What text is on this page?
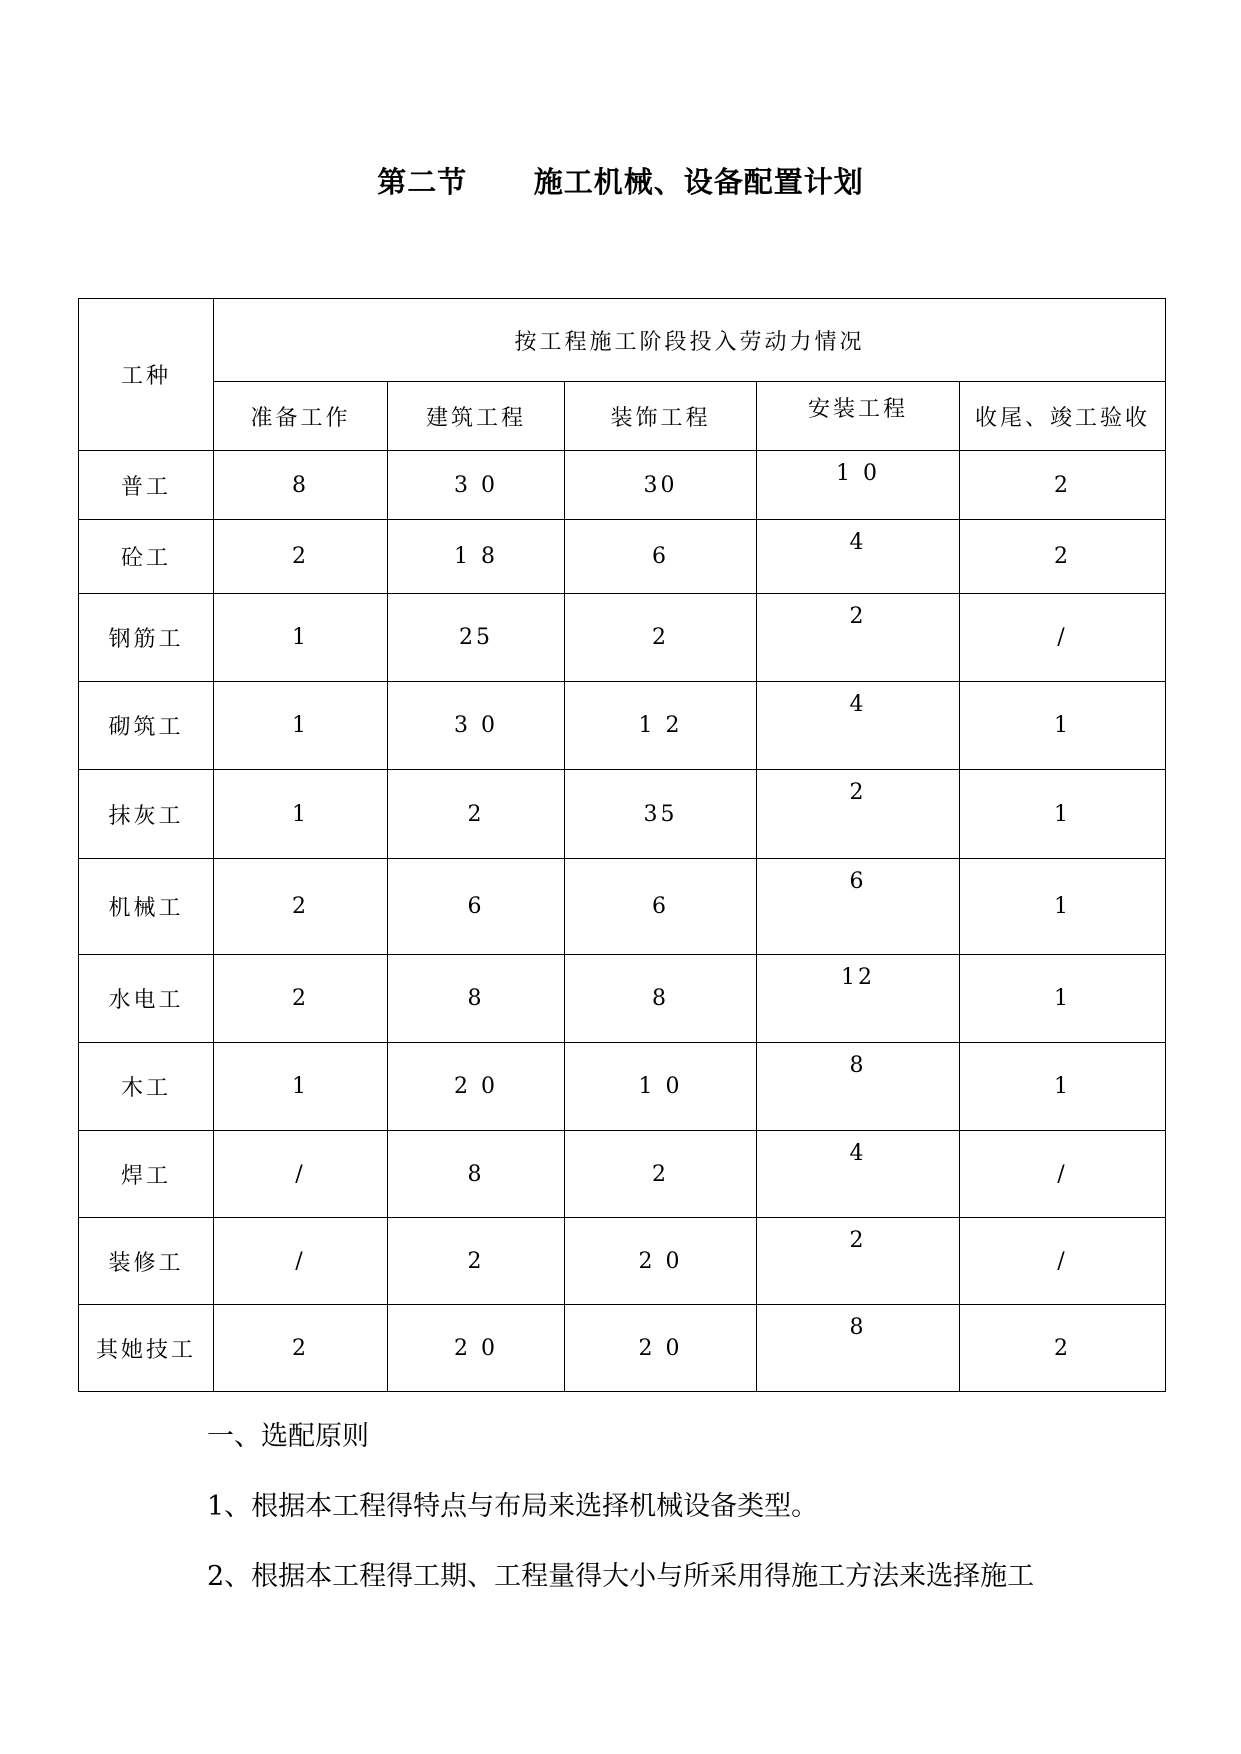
第二节      施工机械、设备配置计划
工种	按工程施工阶段投入劳动力情况				
	准备工作	建筑工程	装饰工程	安装工程	收尾、竣工验收
普工	8	3 0	30	1 0	2
砼工	2	1 8	6	4	2
钢筋工	1	25	2	2	/
砌筑工	1	3 0	1 2	4	1
抹灰工	1	2	35	2	1
机械工	2	6	6	6	1
水电工	2	8	8	12	1
木工	1	2 0	1 0	8	1
焊工	/	8	2	4	/
装修工	/	2	2 0	2	/
其她技工	2	2 0	2 0	8	2
一、选配原则
1、根据本工程得特点与布局来选择机械设备类型。
2、根据本工程得工期、工程量得大小与所采用得施工方法来选择施工
